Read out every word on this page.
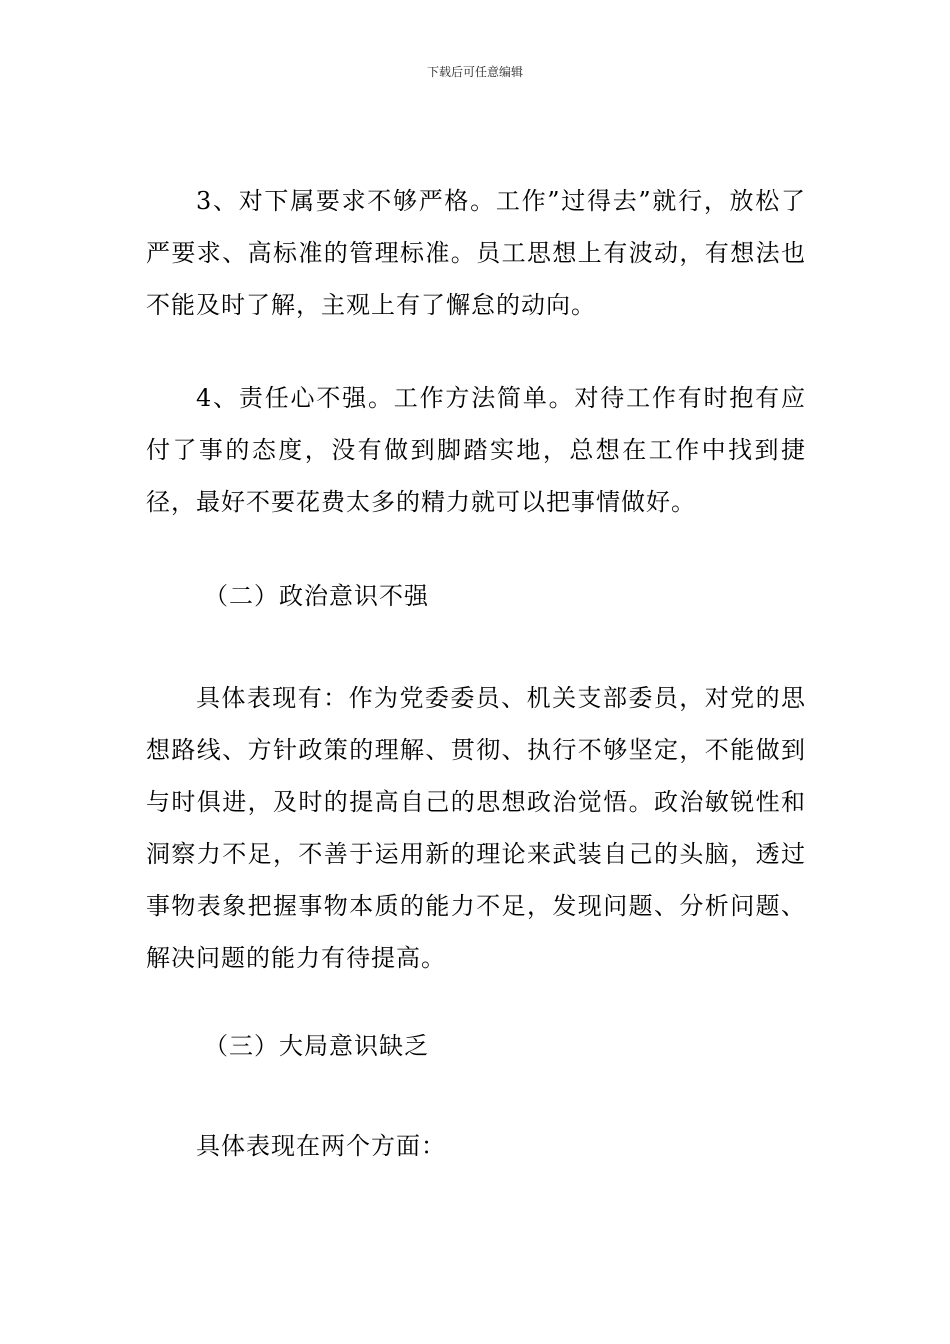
下载后可任意编辑

3、对下属要求不够严格。工作”过得去”就行，放松了严要求、高标准的管理标准。员工思想上有波动，有想法也不能及时了解，主观上有了懈怠的动向。

4、责任心不强。工作方法简单。对待工作有时抱有应付了事的态度，没有做到脚踏实地，总想在工作中找到捷径，最好不要花费太多的精力就可以把事情做好。

（二）政治意识不强

具体表现有：作为党委委员、机关支部委员，对党的思想路线、方针政策的理解、贯彻、执行不够坚定，不能做到与时俱进，及时的提高自己的思想政治觉悟。政治敏锐性和洞察力不足，不善于运用新的理论来武装自己的头脑，透过事物表象把握事物本质的能力不足，发现问题、分析问题、解决问题的能力有待提高。

（三）大局意识缺乏

具体表现在两个方面：
